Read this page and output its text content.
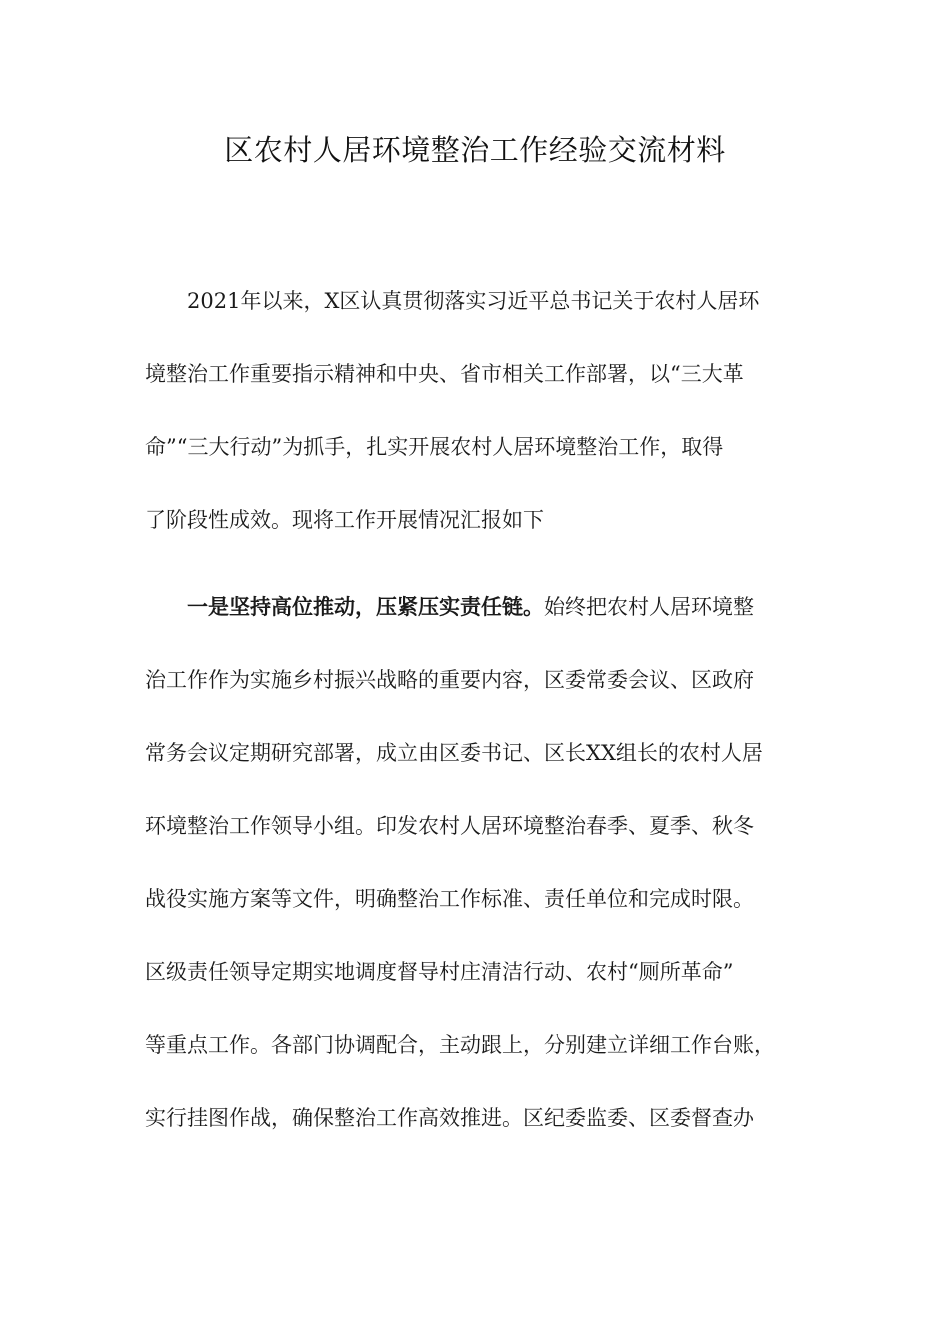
区农村人居环境整治工作经验交流材料
2021年以来，X区认真贯彻落实习近平总书记关于农村人居环
境整治工作重要指示精神和中央、省市相关工作部署，以“三大革
命”“三大行动”为抓手，扎实开展农村人居环境整治工作，取得
了阶段性成效。现将工作开展情况汇报如下
一是坚持高位推动，压紧压实责任链。始终把农村人居环境整
治工作作为实施乡村振兴战略的重要内容，区委常委会议、区政府
常务会议定期研究部署，成立由区委书记、区长XX组长的农村人居
环境整治工作领导小组。印发农村人居环境整治春季、夏季、秋冬
战役实施方案等文件，明确整治工作标准、责任单位和完成时限。
区级责任领导定期实地调度督导村庄清洁行动、农村“厕所革命”
等重点工作。各部门协调配合，主动跟上，分别建立详细工作台账，
实行挂图作战，确保整治工作高效推进。区纪委监委、区委督查办
